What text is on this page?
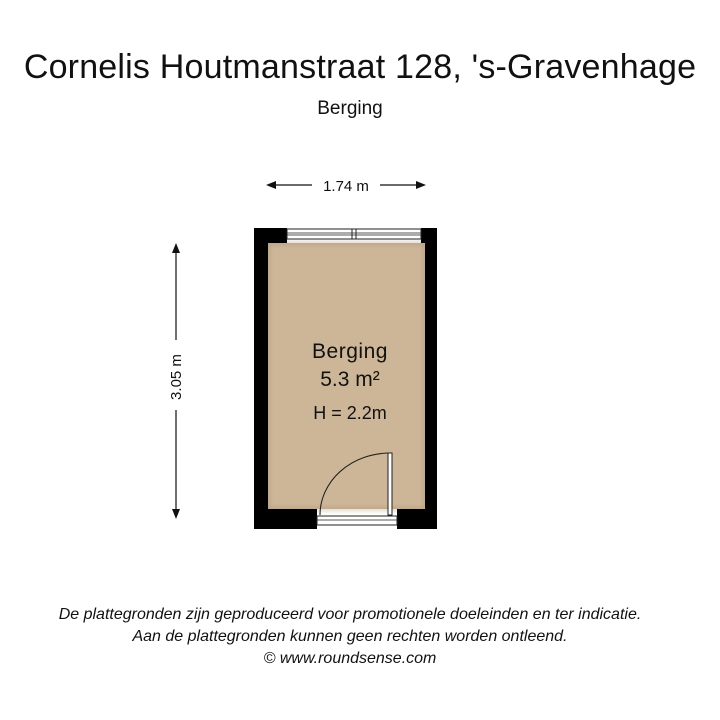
Cornelis Houtmanstraat 128, 's-Gravenhage
Berging
1.74 m
3.05 m
Berging
5.3 m²
H = 2.2m
De plattegronden zijn geproduceerd voor promotionele doeleinden en ter indicatie.
Aan de plattegronden kunnen geen rechten worden ontleend.
© www.roundsense.com
